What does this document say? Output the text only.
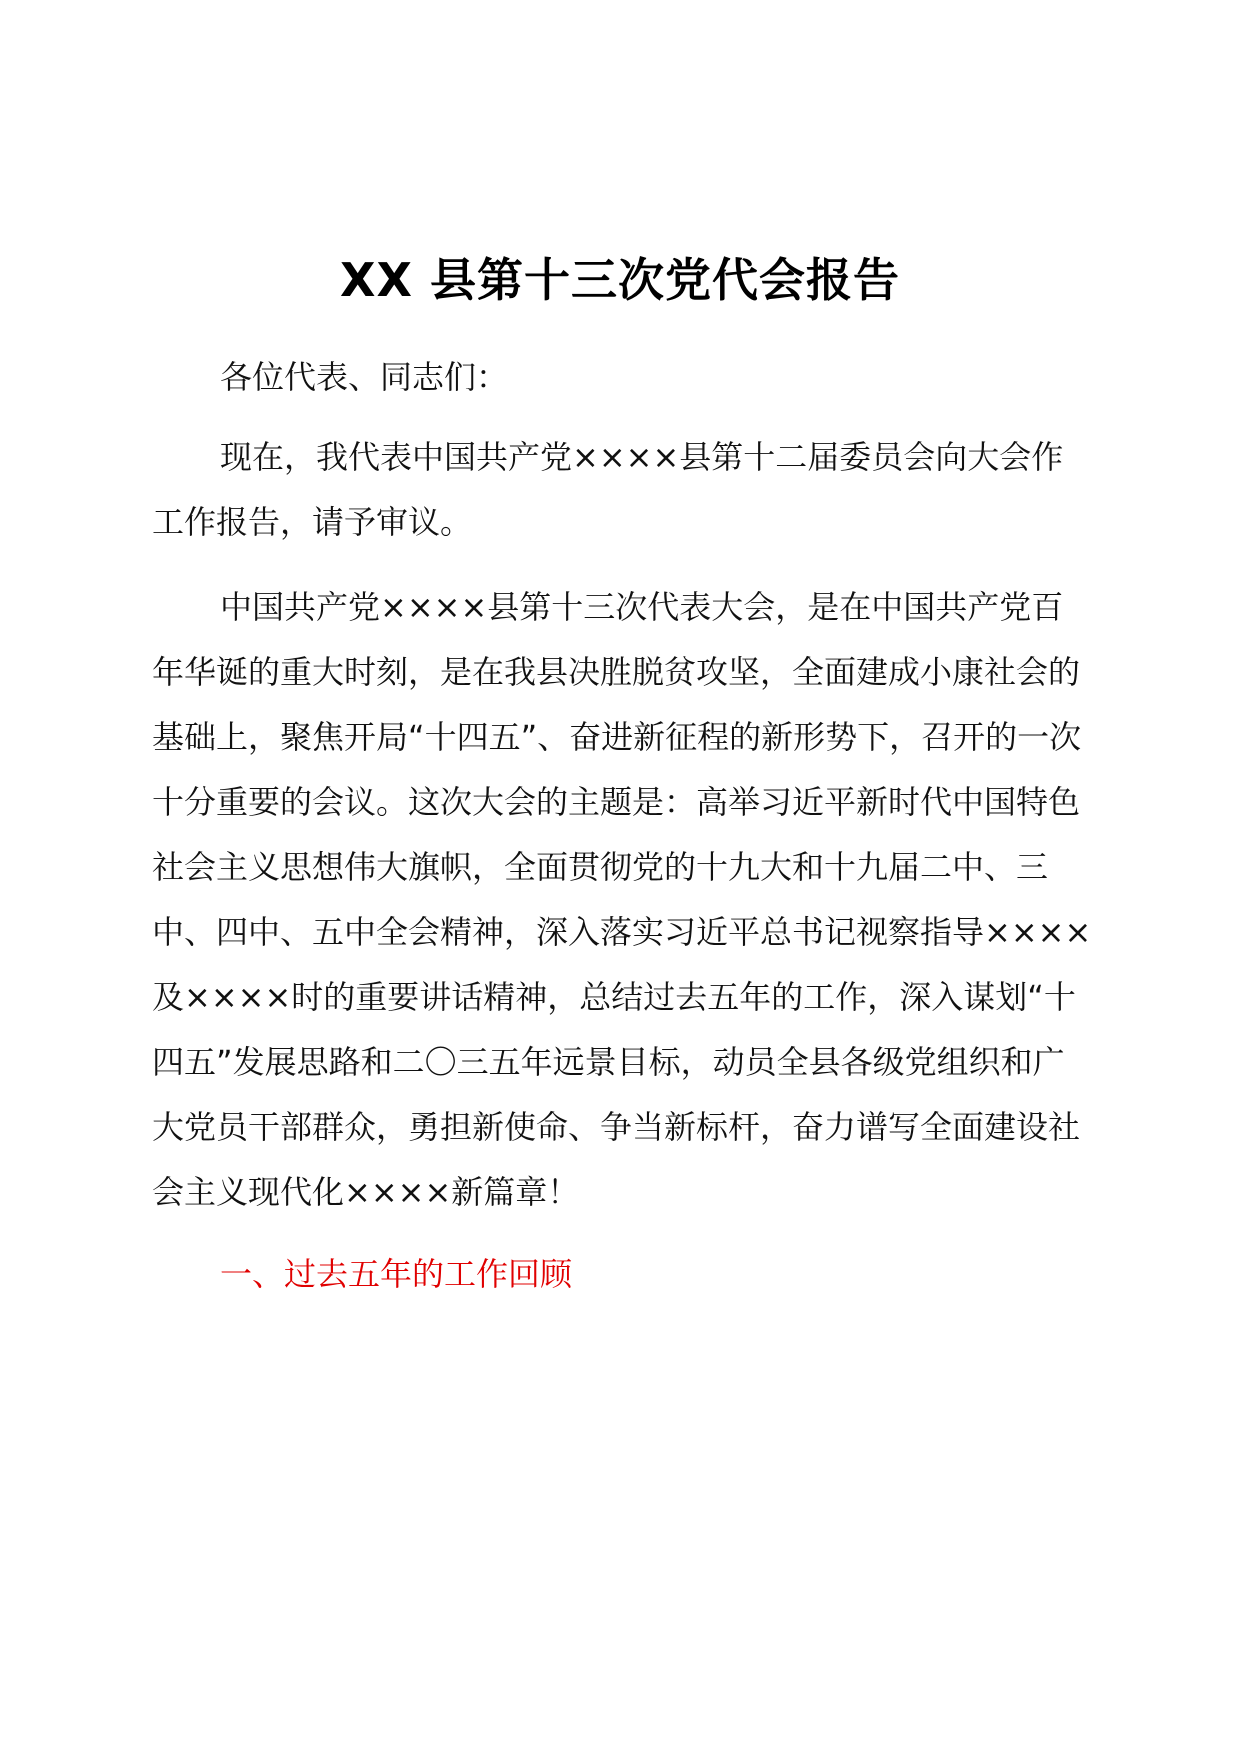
XX 县第十三次党代会报告

各位代表、同志们：

现在，我代表中国共产党××××县第十二届委员会向大会作工作报告，请予审议。

中国共产党××××县第十三次代表大会，是在中国共产党百年华诞的重大时刻，是在我县决胜脱贫攻坚，全面建成小康社会的基础上，聚焦开局“十四五”、奋进新征程的新形势下，召开的一次十分重要的会议。这次大会的主题是：高举习近平新时代中国特色社会主义思想伟大旗帜，全面贯彻党的十九大和十九届二中、三中、四中、五中全会精神，深入落实习近平总书记视察指导××××及××××时的重要讲话精神，总结过去五年的工作，深入谋划“十四五”发展思路和二〇三五年远景目标，动员全县各级党组织和广大党员干部群众，勇担新使命、争当新标杆，奋力谱写全面建设社会主义现代化××××新篇章！

一、过去五年的工作回顾
